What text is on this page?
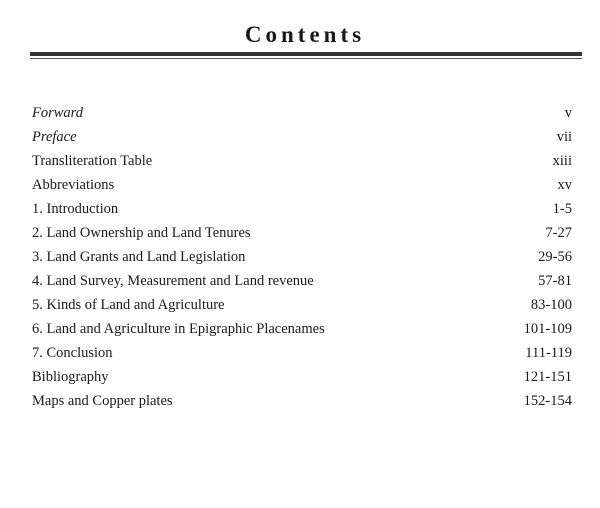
Contents
Forward	v
Preface	vii
Transliteration Table	xiii
Abbreviations	xv
1. Introduction	1-5
2. Land Ownership and Land Tenures	7-27
3. Land Grants and Land Legislation	29-56
4. Land Survey, Measurement and Land revenue	57-81
5. Kinds of Land and Agriculture	83-100
6. Land and Agriculture in Epigraphic Placenames	101-109
7. Conclusion	111-119
Bibliography	121-151
Maps and Copper plates	152-154
